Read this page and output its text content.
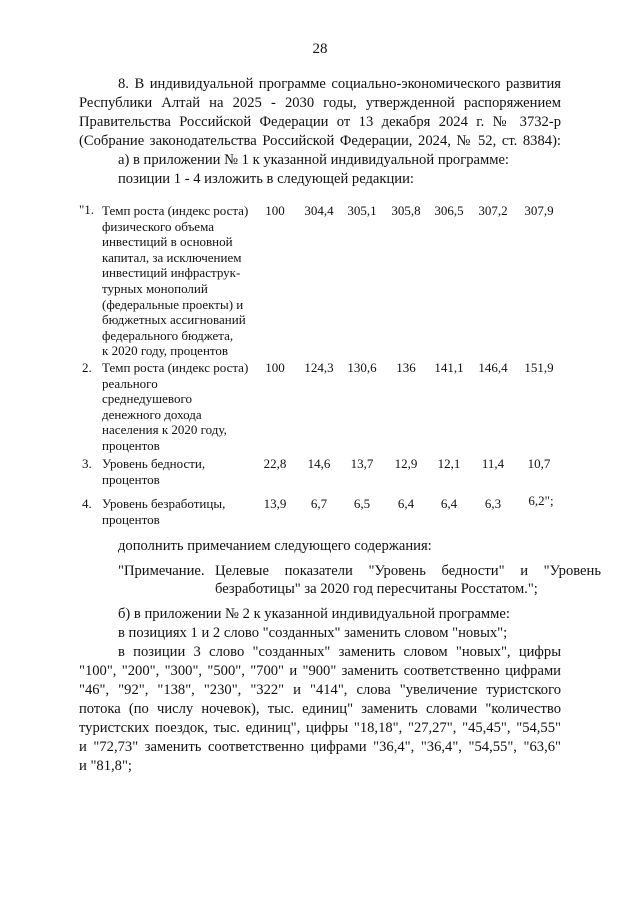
28
8. В индивидуальной программе социально-экономического развития
Республики Алтай на 2025 - 2030 годы, утвержденной распоряжением
Правительства Российской Федерации от 13 декабря 2024 г. № 3732-р
(Собрание законодательства Российской Федерации, 2024, № 52, ст. 8384):
а) в приложении № 1 к указанной индивидуальной программе:
позиции 1 - 4 изложить в следующей редакции:
"1. Темп роста (индекс роста)
физического объема
инвестиций в основной
капитал, за исключением
инвестиций инфраструк-
турных монополий
(федеральные проекты) и
бюджетных ассигнований
федерального бюджета,
к 2020 году, процентов
100	304,4	305,1	305,8	306,5	307,2	307,9
2. Темп роста (индекс роста)
реального
среднедушевого
денежного дохода
населения к 2020 году,
процентов
100	124,3	130,6	136	141,1	146,4	151,9
3. Уровень бедности,
процентов
22,8	14,6	13,7	12,9	12,1	11,4	10,7
4. Уровень безработицы,
процентов
13,9	6,7	6,5	6,4	6,4	6,3	6,2";
дополнить примечанием следующего содержания:
"Примечание. Целевые показатели "Уровень бедности" и "Уровень
безработицы" за 2020 год пересчитаны Росстатом.";
б) в приложении № 2 к указанной индивидуальной программе:
в позициях 1 и 2 слово "созданных" заменить словом "новых";
в позиции 3 слово "созданных" заменить словом "новых", цифры
"100", "200", "300", "500", "700" и "900" заменить соответственно цифрами
"46", "92", "138", "230", "322" и "414", слова "увеличение туристского
потока (по числу ночевок), тыс. единиц" заменить словами "количество
туристских поездок, тыс. единиц", цифры "18,18", "27,27", "45,45", "54,55"
и "72,73" заменить соответственно цифрами "36,4", "36,4", "54,55", "63,6"
и "81,8";
